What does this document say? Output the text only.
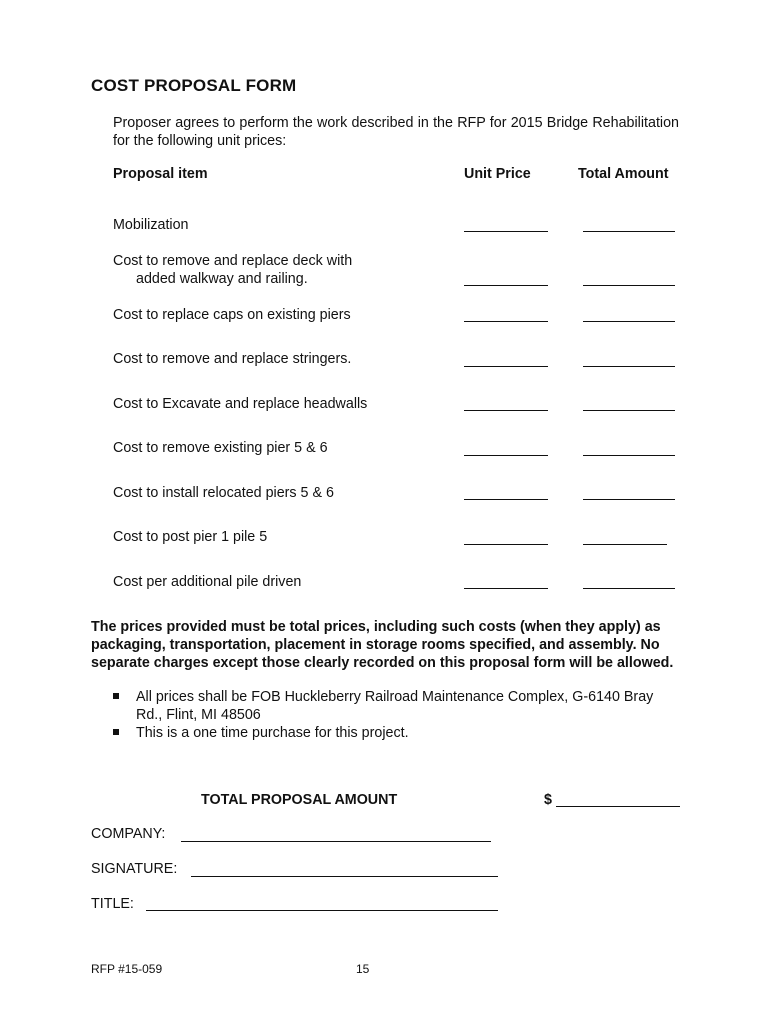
COST PROPOSAL FORM
Proposer agrees to perform the work described in the RFP for 2015 Bridge Rehabilitation for the following unit prices:
Proposal item	Unit Price	Total Amount
Mobilization
Cost to remove and replace deck with
added walkway and railing.
Cost to replace caps on existing piers
Cost to remove and replace stringers.
Cost to Excavate and replace headwalls
Cost to remove existing pier 5 & 6
Cost to install relocated piers 5 & 6
Cost to post pier 1 pile 5
Cost per additional pile driven
The prices provided must be total prices, including such costs (when they apply) as packaging, transportation, placement in storage rooms specified, and assembly. No separate charges except those clearly recorded on this proposal form will be allowed.
All prices shall be FOB Huckleberry Railroad Maintenance Complex, G-6140 Bray Rd., Flint, MI 48506
This is a one time purchase for this project.
TOTAL PROPOSAL AMOUNT	$
COMPANY:
SIGNATURE:
TITLE:
RFP #15-059	15
